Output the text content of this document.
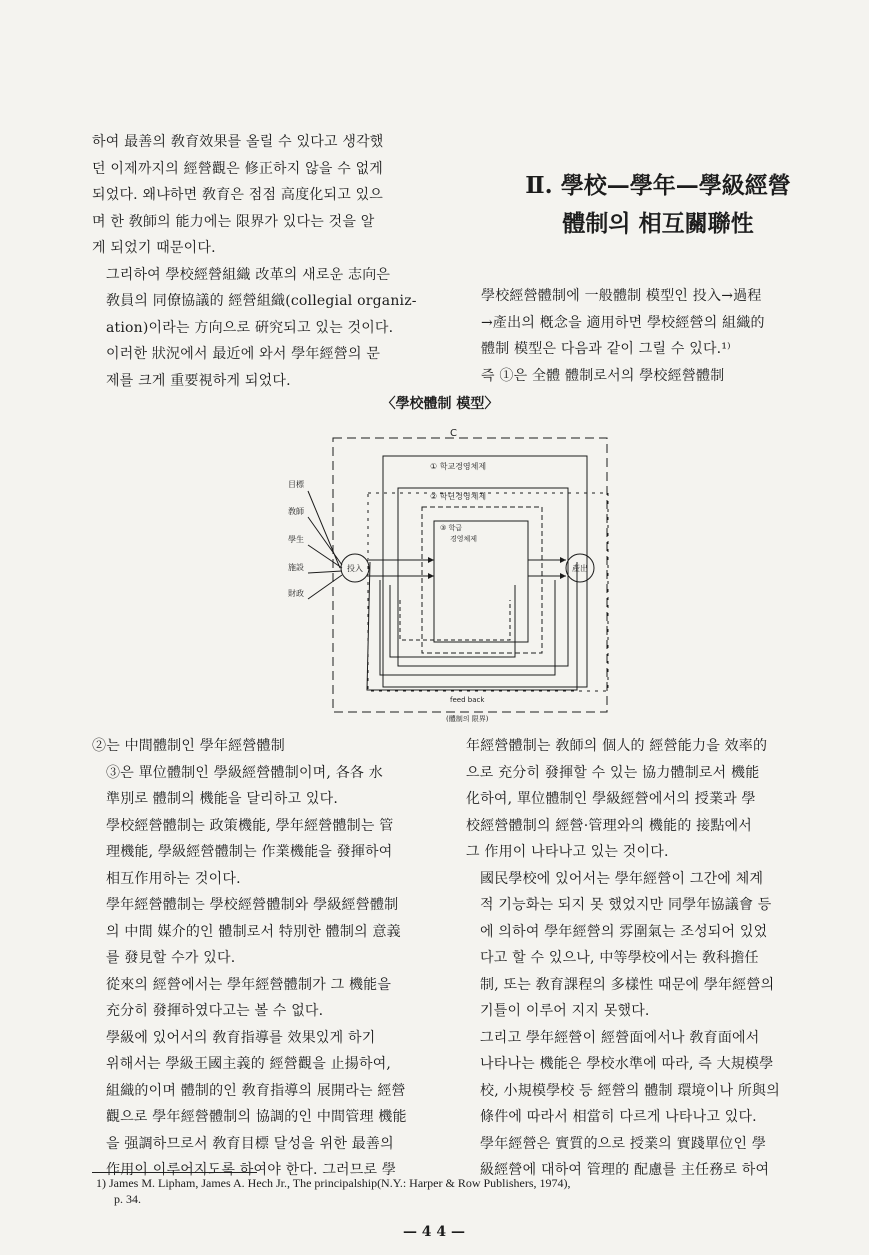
하여 最善의 敎育效果를 올릴 수 있다고 생각했
던 이제까지의 經營觀은 修正하지 않을 수 없게
되었다. 왜냐하면 敎育은 점점 高度化되고 있으
며 한 敎師의 能力에는 限界가 있다는 것을 알
게 되었기 때문이다.

그리하여 學校經營組織 改革의 새로운 志向은
敎員의 同僚協議的 經營組織(collegial organiz-
ation)이라는 方向으로 硏究되고 있는 것이다.

이러한 狀況에서 最近에 와서 學年經營의 문
제를 크게 重要視하게 되었다.

Ⅱ. 學校—學年—學級經營
體制의 相互關聯性

學校經營體制에 一般體制 模型인 投入→過程
→產出의 槪念을 適用하면 學校經營의 組織的
體制 模型은 다음과 같이 그릴 수 있다.¹⁾

즉 ①은 全體 體制로서의 學校經營體制

〈學校體制 模型〉
C
① 학교경영체제
② 학년경영체제
③ 학급
경영체제
目標
敎師
學生
施設
財政
投入	產出
feed back
(體制의 限界)

②는 中間體制인 學年經營體制

③은 單位體制인 學級經營體制이며, 各各 水
準別로 體制의 機能을 달리하고 있다.

學校經營體制는 政策機能, 學年經營體制는 管
理機能, 學級經營體制는 作業機能을 發揮하여
相互作用하는 것이다.

學年經營體制는 學校經營體制와 學級經營體制
의 中間 媒介的인 體制로서 特別한 體制의 意義
를 發見할 수가 있다.

從來의 經營에서는 學年經營體制가 그 機能을
充分히 發揮하였다고는 볼 수 없다.

學級에 있어서의 敎育指導를 效果있게 하기
위해서는 學級王國主義的 經營觀을 止揚하여,
組織的이며 體制的인 敎育指導의 展開라는 經營
觀으로 學年經營體制의 協調的인 中間管理 機能
을 强調하므로서 敎育目標 달성을 위한 最善의
作用이 이루어지도록 하여야 한다. 그러므로 學

年經營體制는 敎師의 個人的 經營能力을 效率的
으로 充分히 發揮할 수 있는 協力體制로서 機能
化하여, 單位體制인 學級經營에서의 授業과 學
校經營體制의 經營·管理와의 機能的 接點에서
그 作用이 나타나고 있는 것이다.

國民學校에 있어서는 學年經營이 그간에 체계
적 기능화는 되지 못 했었지만 同學年協議會 등
에 의하여 學年經營의 雰圍氣는 조성되어 있었
다고 할 수 있으나, 中等學校에서는 敎科擔任
制, 또는 敎育課程의 多樣性 때문에 學年經營의
기틀이 이루어 지지 못했다.

그리고 學年經營이 經營面에서나 敎育面에서
나타나는 機能은 學校水準에 따라, 즉 大規模學
校, 小規模學校 등 經營의 體制 環境이나 所與의
條件에 따라서 相當히 다르게 나타나고 있다.

學年經營은 實質的으로 授業의 實踐單位인 學
級經營에 대하여 管理的 配慮를 主任務로 하여

1) James M. Lipham, James A. Hech Jr., The principalship(N.Y.: Harper & Row Publishers, 1974),
p. 34.
— 4 4 —
